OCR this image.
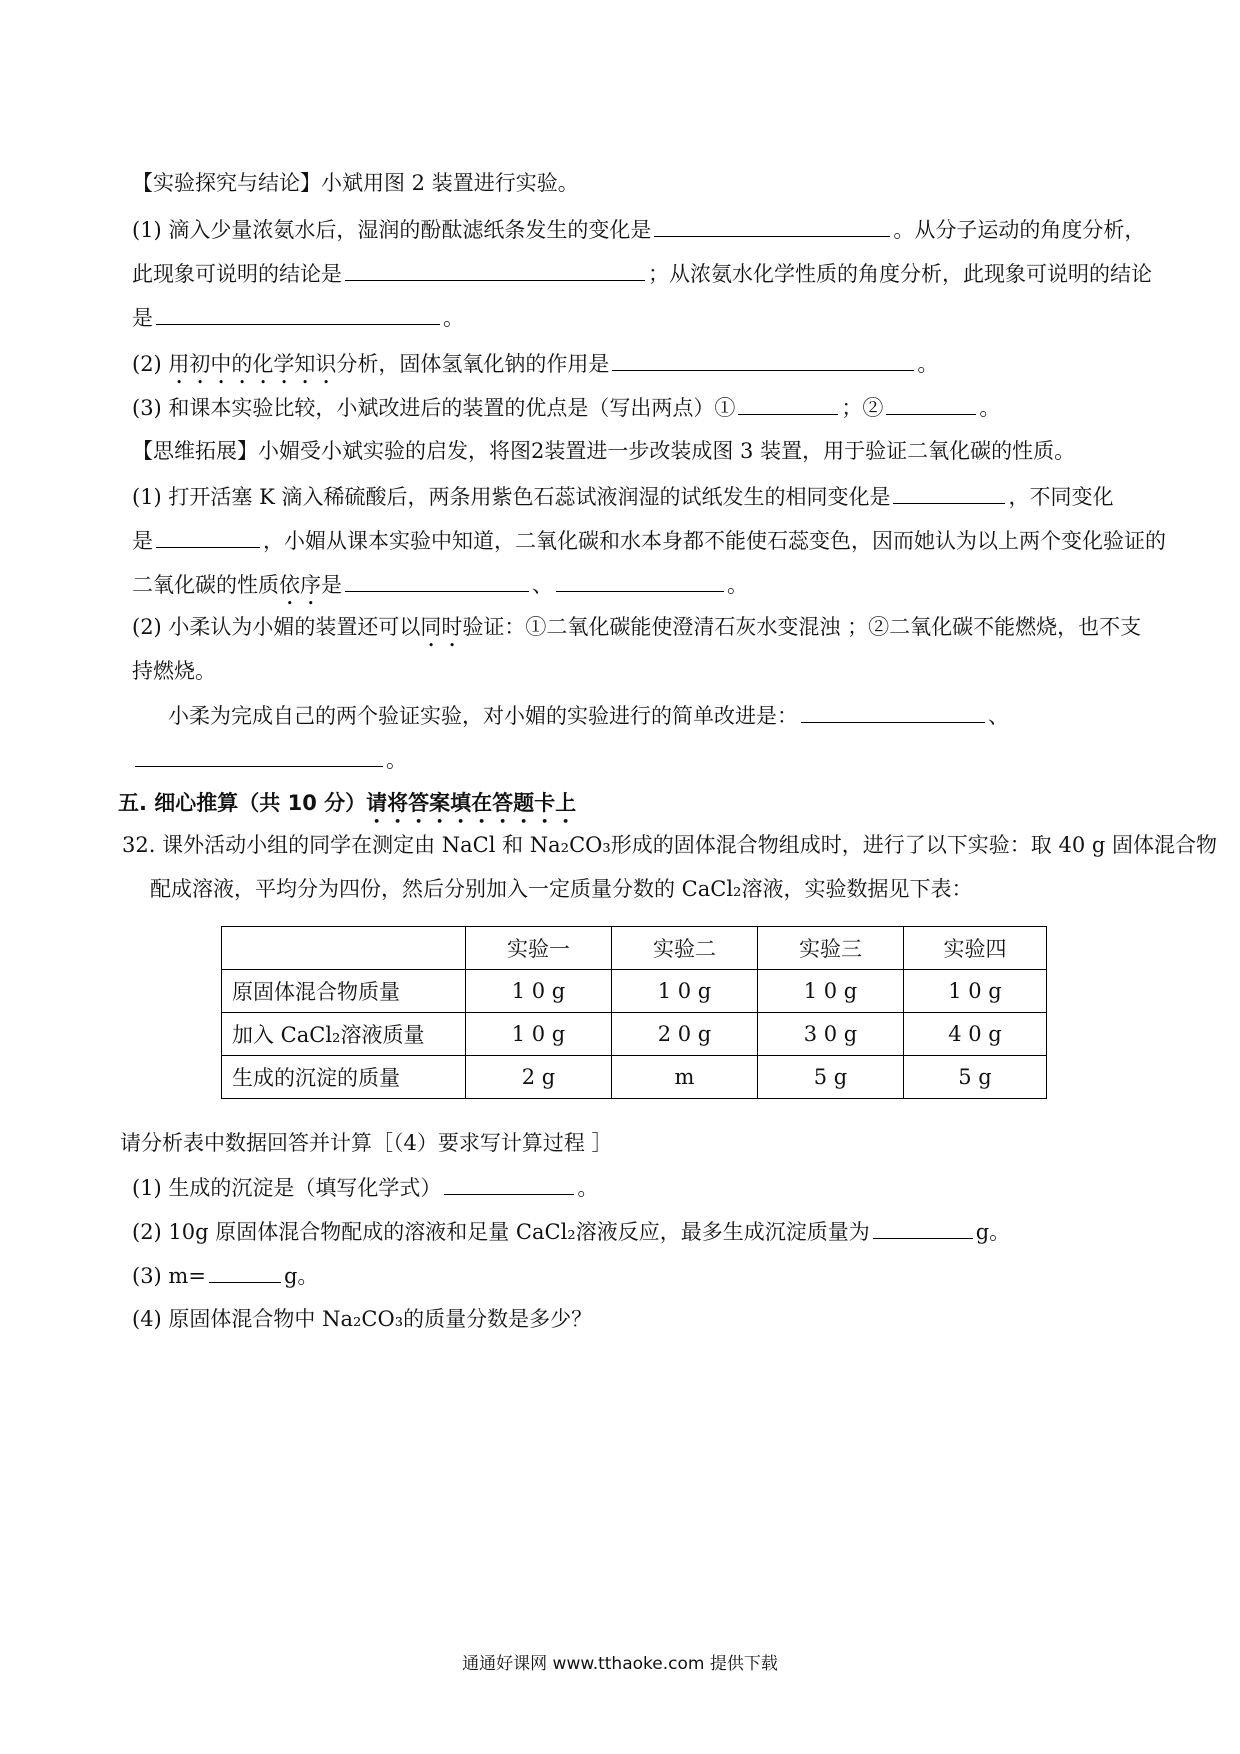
【实验探究与结论】小斌用图 2 装置进行实验。
(1) 滴入少量浓氨水后，湿润的酚酞滤纸条发生的变化是	。从分子运动的角度分析，
此现象可说明的结论是	；从浓氨水化学性质的角度分析，此现象可说明的结论
是	。
(2) 用初中的化学知识分析，固体氢氧化钠的作用是	。
(3) 和课本实验比较，小斌改进后的装置的优点是（写出两点）①	；②	。
【思维拓展】小媚受小斌实验的启发，将图2装置进一步改装成图 3 装置，用于验证二氧化碳的性质。
(1) 打开活塞 K 滴入稀硫酸后，两条用紫色石蕊试液润湿的试纸发生的相同变化是	，不同变化
是	，小媚从课本实验中知道，二氧化碳和水本身都不能使石蕊变色，因而她认为以上两个变化验证的
二氧化碳的性质依序是	、	。
(2) 小柔认为小媚的装置还可以同时验证：①二氧化碳能使澄清石灰水变混浊 ；②二氧化碳不能燃烧，也不支
持燃烧。
小柔为完成自己的两个验证实验，对小媚的实验进行的简单改进是：	、
。
五. 细心推算（共 10 分）请将答案填在答题卡上
32. 课外活动小组的同学在测定由 NaCl 和 Na₂CO₃形成的固体混合物组成时，进行了以下实验：取 40 g 固体混合物
配成溶液，平均分为四份，然后分别加入一定质量分数的 CaCl₂溶液，实验数据见下表：
	实验一	实验二	实验三	实验四
原固体混合物质量	1 0 g	1 0 g	1 0 g	1 0 g
加入 CaCl₂溶液质量	1 0 g	2 0 g	3 0 g	4 0 g
生成的沉淀的质量	2 g	m	5 g	5 g
请分析表中数据回答并计算［（4）要求写计算过程 ］
(1) 生成的沉淀是（填写化学式）	。
(2) 10g 原固体混合物配成的溶液和足量 CaCl₂溶液反应，最多生成沉淀质量为	g。
(3) m=	g。
(4) 原固体混合物中 Na₂CO₃的质量分数是多少？
通通好课网 www.tthaoke.com 提供下载
